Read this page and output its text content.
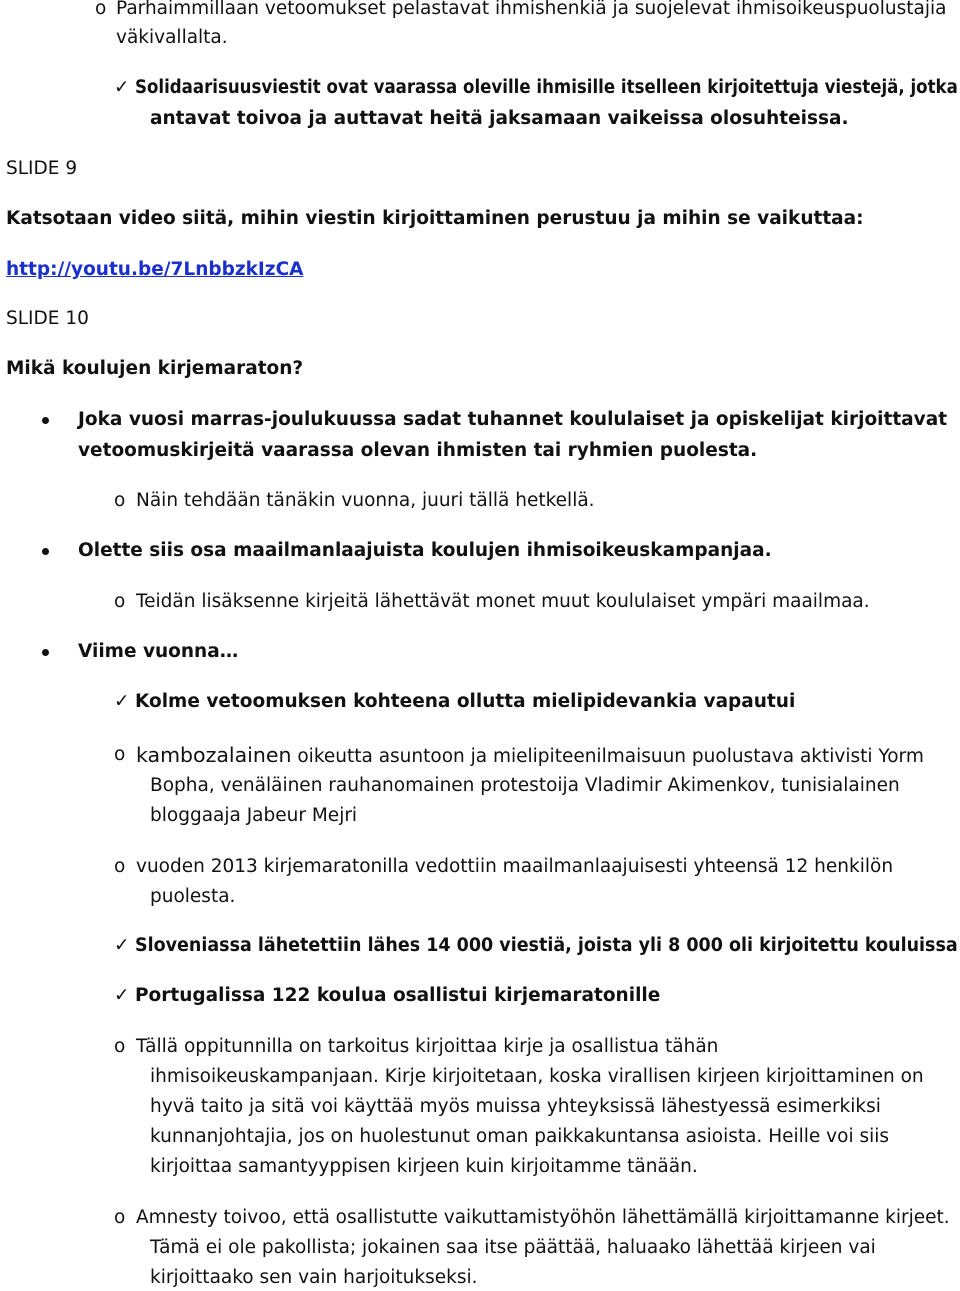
o Parhaimmillaan vetoomukset pelastavat ihmishenkiä ja suojelevat ihmisoikeuspuolustajia
väkivallalta.
✓ Solidaarisuusviestit ovat vaarassa oleville ihmisille itselleen kirjoitettuja viestejä, jotka
antavat toivoa ja auttavat heitä jaksamaan vaikeissa olosuhteissa.
SLIDE 9
Katsotaan video siitä, mihin viestin kirjoittaminen perustuu ja mihin se vaikuttaa:
http://youtu.be/7LnbbzkIzCA
SLIDE 10
Mikä koulujen kirjemaraton?
Joka vuosi marras-joulukuussa sadat tuhannet koululaiset ja opiskelijat kirjoittavat
vetoomuskirjeitä vaarassa olevan ihmisten tai ryhmien puolesta.
o Näin tehdään tänäkin vuonna, juuri tällä hetkellä.
Olette siis osa maailmanlaajuista koulujen ihmisoikeuskampanjaa.
o Teidän lisäksenne kirjeitä lähettävät monet muut koululaiset ympäri maailmaa.
Viime vuonna…
✓ Kolme vetoomuksen kohteena ollutta mielipidevankia vapautui
o kambozalainen oikeutta asuntoon ja mielipiteenilmaisuun puolustava aktivisti Yorm
Bopha, venäläinen rauhanomainen protestoija Vladimir Akimenkov, tunisialainen
bloggaaja Jabeur Mejri
o vuoden 2013 kirjemaratonilla vedottiin maailmanlaajuisesti yhteensä 12 henkilön
puolesta.
✓ Sloveniassa lähetettiin lähes 14 000 viestiä, joista yli 8 000 oli kirjoitettu kouluissa
✓ Portugalissa 122 koulua osallistui kirjemaratonille
o Tällä oppitunnilla on tarkoitus kirjoittaa kirje ja osallistua tähän
ihmisoikeuskampanjaan. Kirje kirjoitetaan, koska virallisen kirjeen kirjoittaminen on
hyvä taito ja sitä voi käyttää myös muissa yhteyksissä lähestyessä esimerkiksi
kunnanjohtajia, jos on huolestunut oman paikkakuntansa asioista. Heille voi siis
kirjoittaa samantyyppisen kirjeen kuin kirjoitamme tänään.
o Amnesty toivoo, että osallistutte vaikuttamistyöhön lähettämällä kirjoittamanne kirjeet.
Tämä ei ole pakollista; jokainen saa itse päättää, haluaako lähettää kirjeen vai
kirjoittaako sen vain harjoitukseksi.
